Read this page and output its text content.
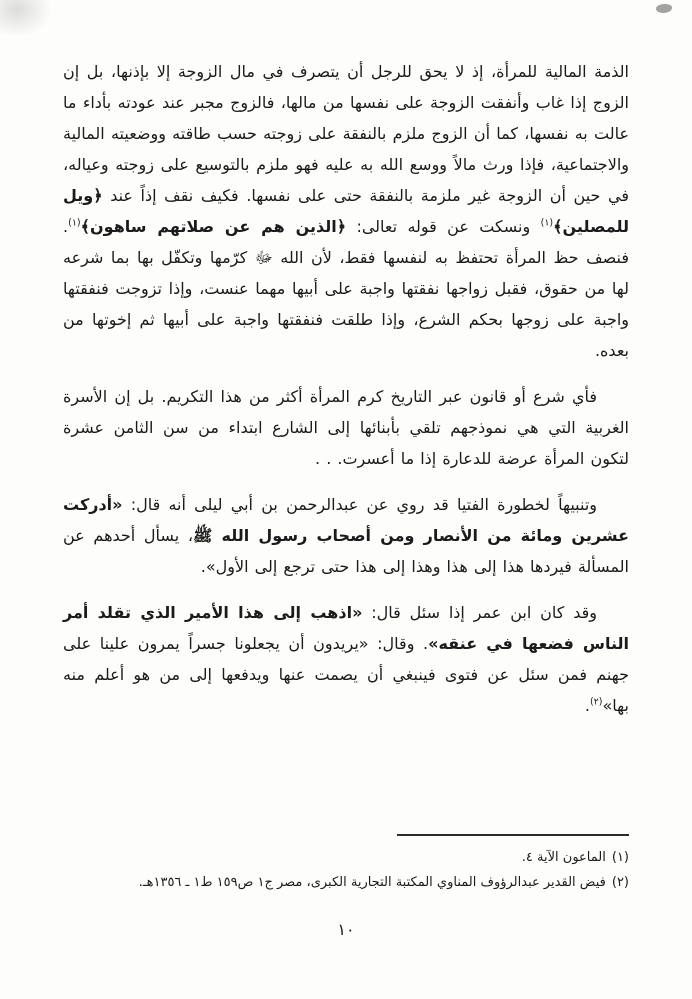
الذمة المالية للمرأة، إذ لا يحق للرجل أن يتصرف في مال الزوجة إلا بإذنها، بل إن الزوج إذا غاب وأنفقت الزوجة على نفسها من مالها، فالزوج مجبر عند عودته بأداء ما عالت به نفسها، كما أن الزوج ملزم بالنفقة على زوجته حسب طاقته ووضعيته المالية والاجتماعية، فإذا ورث مالاً ووسع الله به عليه فهو ملزم بالتوسيع على زوجته وعياله، في حين أن الزوجة غير ملزمة بالنفقة حتى على نفسها. فكيف نقف إذاً عند ﴿ويل للمصلين﴾$^{(١)}$ ونسكت عن قوله تعالى: ﴿الذين هم عن صلاتهم ساهون﴾$^{(١)}$. فنصف حظ المرأة تحتفظ به لنفسها فقط، لأن الله ﷻ كرّمها وتكفّل بها بما شرعه لها من حقوق، فقبل زواجها نفقتها واجبة على أبيها مهما عنست، وإذا تزوجت فنفقتها واجبة على زوجها بحكم الشرع، وإذا طلقت فنفقتها واجبة على أبيها ثم إخوتها من بعده.

فأي شرع أو قانون عبر التاريخ كرم المرأة أكثر من هذا التكريم. بل إن الأسرة الغربية التي هي نموذجهم تلقي بأبنائها إلى الشارع ابتداء من سن الثامن عشرة لتكون المرأة عرضة للدعارة إذا ما أعسرت. . .

وتنبيهاً لخطورة الفتيا قد روي عن عبدالرحمن بن أبي ليلى أنه قال: «أدركت عشرين ومائة من الأنصار ومن أصحاب رسول الله ﷺ، يسأل أحدهم عن المسألة فيردها هذا إلى هذا وهذا إلى هذا حتى ترجع إلى الأول».

وقد كان ابن عمر إذا سئل قال: «اذهب إلى هذا الأمير الذي تقلد أمر الناس فضعها في عنقه». وقال: «يريدون أن يجعلونا جسراً يمرون علينا على جهنم فمن سئل عن فتوى فينبغي أن يصمت عنها ويدفعها إلى من هو أعلم منه بها»$^{(٢)}$.

(١)الماعون الآية ٤.
(٢)فيض القدير عبدالرؤوف المناوي المكتبة التجارية الكبرى، مصر ج١ ص١٥٩ ط١ ـ ١٣٥٦هـ.
١٠
